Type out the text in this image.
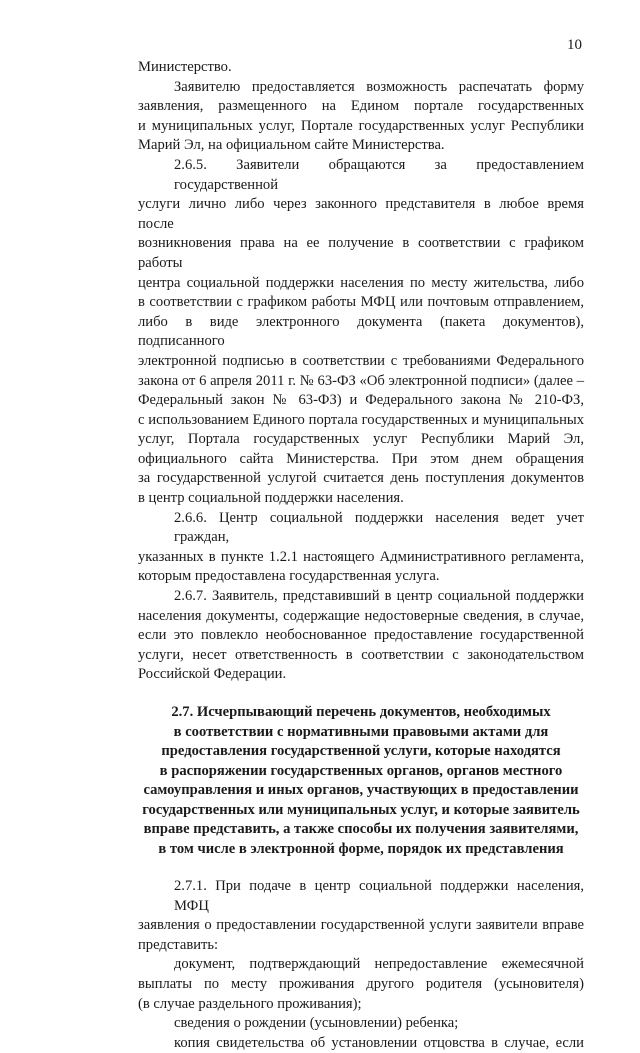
10
Министерство.
Заявителю предоставляется возможность распечатать форму
заявления, размещенного на Едином портале государственных
и муниципальных услуг, Портале государственных услуг Республики
Марий Эл, на официальном сайте Министерства.
2.6.5. Заявители обращаются за предоставлением государственной
услуги лично либо через законного представителя в любое время после
возникновения права на ее получение в соответствии с графиком работы
центра социальной поддержки населения по месту жительства, либо
в соответствии с графиком работы МФЦ или почтовым отправлением,
либо в виде электронного документа (пакета документов), подписанного
электронной подписью в соответствии с требованиями Федерального
закона от 6 апреля 2011 г. № 63-ФЗ «Об электронной подписи» (далее –
Федеральный закон № 63-ФЗ) и Федерального закона № 210-ФЗ,
с использованием Единого портала государственных и муниципальных
услуг, Портала государственных услуг Республики Марий Эл,
официального сайта Министерства. При этом днем обращения
за государственной услугой считается день поступления документов
в центр социальной поддержки населения.
2.6.6. Центр социальной поддержки населения ведет учет граждан,
указанных в пункте 1.2.1 настоящего Административного регламента,
которым предоставлена государственная услуга.
2.6.7. Заявитель, представивший в центр социальной поддержки
населения документы, содержащие недостоверные сведения, в случае,
если это повлекло необоснованное предоставление государственной
услуги, несет ответственность в соответствии с законодательством
Российской Федерации.
2.7. Исчерпывающий перечень документов, необходимых
в соответствии с нормативными правовыми актами для
предоставления государственной услуги, которые находятся
в распоряжении государственных органов, органов местного
самоуправления и иных органов, участвующих в предоставлении
государственных или муниципальных услуг, и которые заявитель
вправе представить, а также способы их получения заявителями,
в том числе в электронной форме, порядок их представления
2.7.1. При подаче в центр социальной поддержки населения, МФЦ
заявления о предоставлении государственной услуги заявители вправе
представить:
документ, подтверждающий непредоставление ежемесячной
выплаты по месту проживания другого родителя (усыновителя)
(в случае раздельного проживания);
сведения о рождении (усыновлении) ребенка;
копия свидетельства об установлении отцовства в случае, если
